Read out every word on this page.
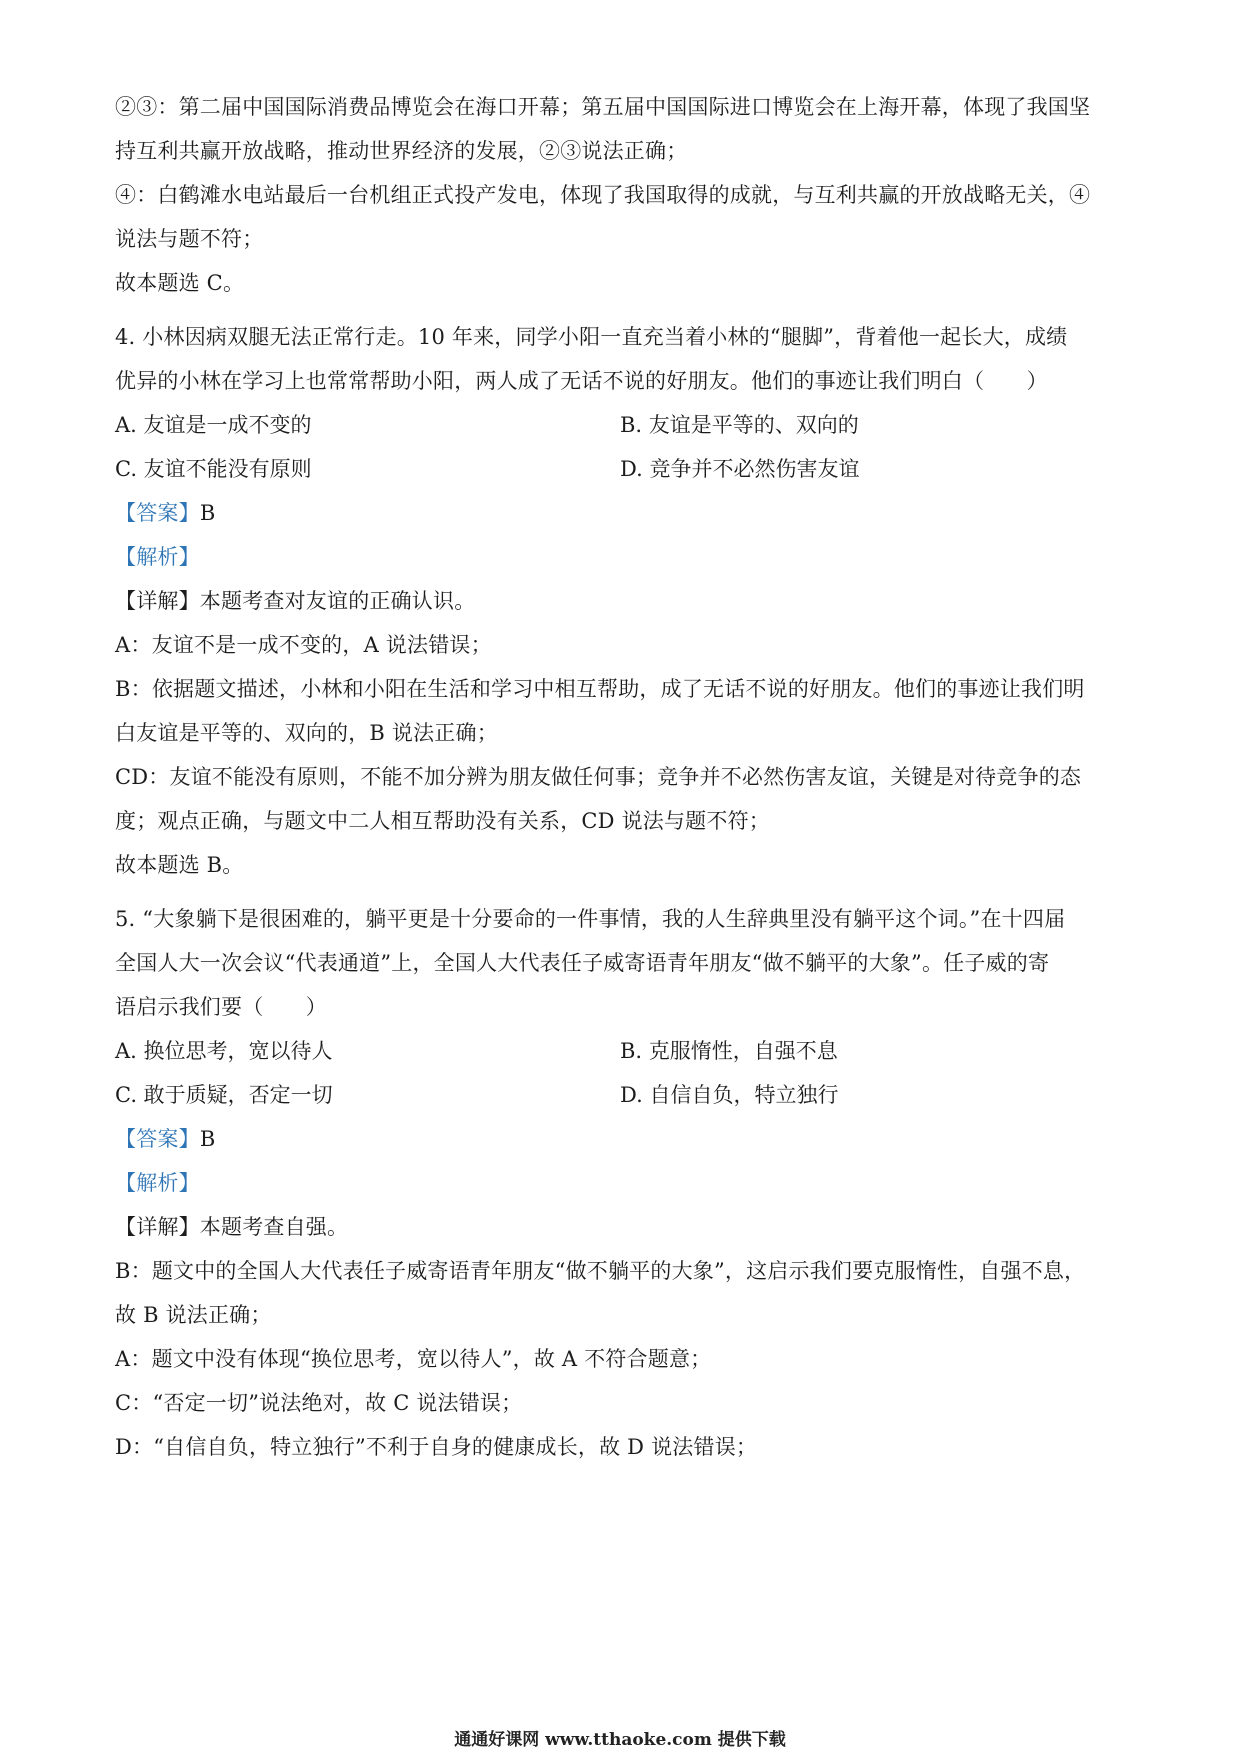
②③：第二届中国国际消费品博览会在海口开幕；第五届中国国际进口博览会在上海开幕，体现了我国坚
持互利共赢开放战略，推动世界经济的发展，②③说法正确；
④：白鹤滩水电站最后一台机组正式投产发电，体现了我国取得的成就，与互利共赢的开放战略无关，④
说法与题不符；
故本题选 C。
4. 小林因病双腿无法正常行走。10 年来，同学小阳一直充当着小林的“腿脚”，背着他一起长大，成绩
优异的小林在学习上也常常帮助小阳，两人成了无话不说的好朋友。他们的事迹让我们明白（　　）
A. 友谊是一成不变的	B. 友谊是平等的、双向的
C. 友谊不能没有原则	D. 竞争并不必然伤害友谊
【答案】B
【解析】
【详解】本题考查对友谊的正确认识。
A：友谊不是一成不变的，A 说法错误；
B：依据题文描述，小林和小阳在生活和学习中相互帮助，成了无话不说的好朋友。他们的事迹让我们明
白友谊是平等的、双向的，B 说法正确；
CD：友谊不能没有原则，不能不加分辨为朋友做任何事；竞争并不必然伤害友谊，关键是对待竞争的态
度；观点正确，与题文中二人相互帮助没有关系，CD 说法与题不符；
故本题选 B。
5. “大象躺下是很困难的，躺平更是十分要命的一件事情，我的人生辞典里没有躺平这个词。”在十四届
全国人大一次会议“代表通道”上，全国人大代表任子威寄语青年朋友“做不躺平的大象”。任子威的寄
语启示我们要（　　）
A. 换位思考，宽以待人	B. 克服惰性，自强不息
C. 敢于质疑，否定一切	D. 自信自负，特立独行
【答案】B
【解析】
【详解】本题考查自强。
B：题文中的全国人大代表任子威寄语青年朋友“做不躺平的大象”，这启示我们要克服惰性，自强不息，
故 B 说法正确；
A：题文中没有体现“换位思考，宽以待人”，故 A 不符合题意；
C：“否定一切”说法绝对，故 C 说法错误；
D：“自信自负，特立独行”不利于自身的健康成长，故 D 说法错误；
通通好课网 www.tthaoke.com 提供下载
